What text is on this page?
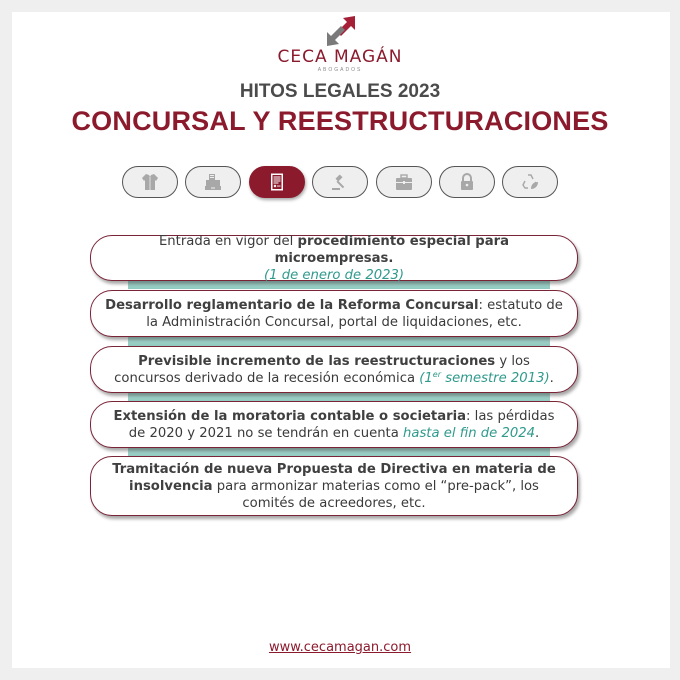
CECA MAGÁN
ABOGADOS
HITOS LEGALES 2023
CONCURSAL Y REESTRUCTURACIONES
Entrada en vigor del procedimiento especial para microempresas.
(1 de enero de 2023)
Desarrollo reglamentario de la Reforma Concursal: estatuto de la Administración Concursal, portal de liquidaciones, etc.
Previsible incremento de las reestructuraciones y los concursos derivado de la recesión económica (1er semestre 2013).
Extensión de la moratoria contable o societaria: las pérdidas de 2020 y 2021 no se tendrán en cuenta hasta el fin de 2024.
Tramitación de nueva Propuesta de Directiva en materia de insolvencia para armonizar materias como el “pre-pack”, los comités de acreedores, etc.
www.cecamagan.com
